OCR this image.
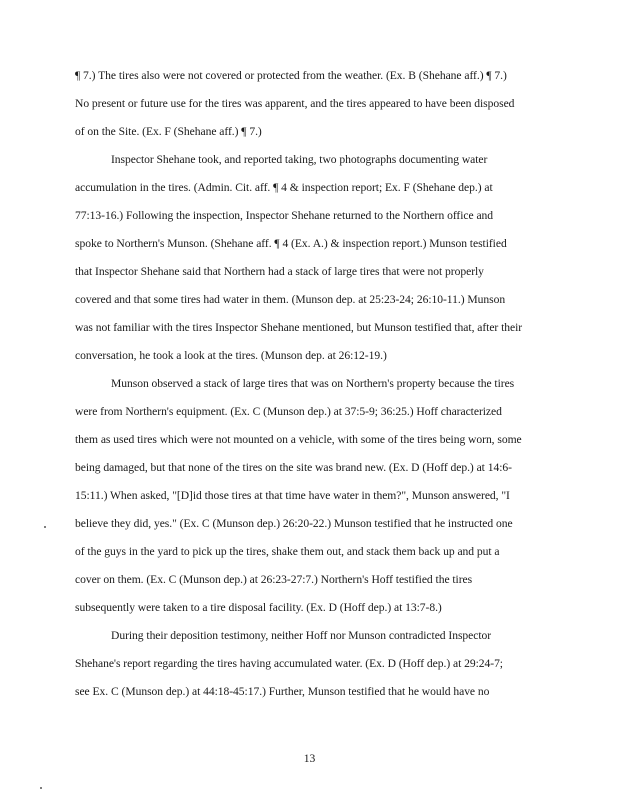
¶ 7.) The tires also were not covered or protected from the weather. (Ex. B (Shehane aff.) ¶ 7.)
No present or future use for the tires was apparent, and the tires appeared to have been disposed
of on the Site. (Ex. F (Shehane aff.) ¶ 7.)
Inspector Shehane took, and reported taking, two photographs documenting water
accumulation in the tires. (Admin. Cit. aff. ¶ 4 & inspection report; Ex. F (Shehane dep.) at
77:13-16.) Following the inspection, Inspector Shehane returned to the Northern office and
spoke to Northern's Munson. (Shehane aff. ¶ 4 (Ex. A.) & inspection report.) Munson testified
that Inspector Shehane said that Northern had a stack of large tires that were not properly
covered and that some tires had water in them. (Munson dep. at 25:23-24; 26:10-11.) Munson
was not familiar with the tires Inspector Shehane mentioned, but Munson testified that, after their
conversation, he took a look at the tires. (Munson dep. at 26:12-19.)
Munson observed a stack of large tires that was on Northern's property because the tires
were from Northern's equipment. (Ex. C (Munson dep.) at 37:5-9; 36:25.) Hoff characterized
them as used tires which were not mounted on a vehicle, with some of the tires being worn, some
being damaged, but that none of the tires on the site was brand new. (Ex. D (Hoff dep.) at 14:6-
15:11.) When asked, "[D]id those tires at that time have water in them?", Munson answered, "I
believe they did, yes." (Ex. C (Munson dep.) 26:20-22.) Munson testified that he instructed one
of the guys in the yard to pick up the tires, shake them out, and stack them back up and put a
cover on them. (Ex. C (Munson dep.) at 26:23-27:7.) Northern's Hoff testified the tires
subsequently were taken to a tire disposal facility. (Ex. D (Hoff dep.) at 13:7-8.)
During their deposition testimony, neither Hoff nor Munson contradicted Inspector
Shehane's report regarding the tires having accumulated water. (Ex. D (Hoff dep.) at 29:24-7;
see Ex. C (Munson dep.) at 44:18-45:17.) Further, Munson testified that he would have no
13
